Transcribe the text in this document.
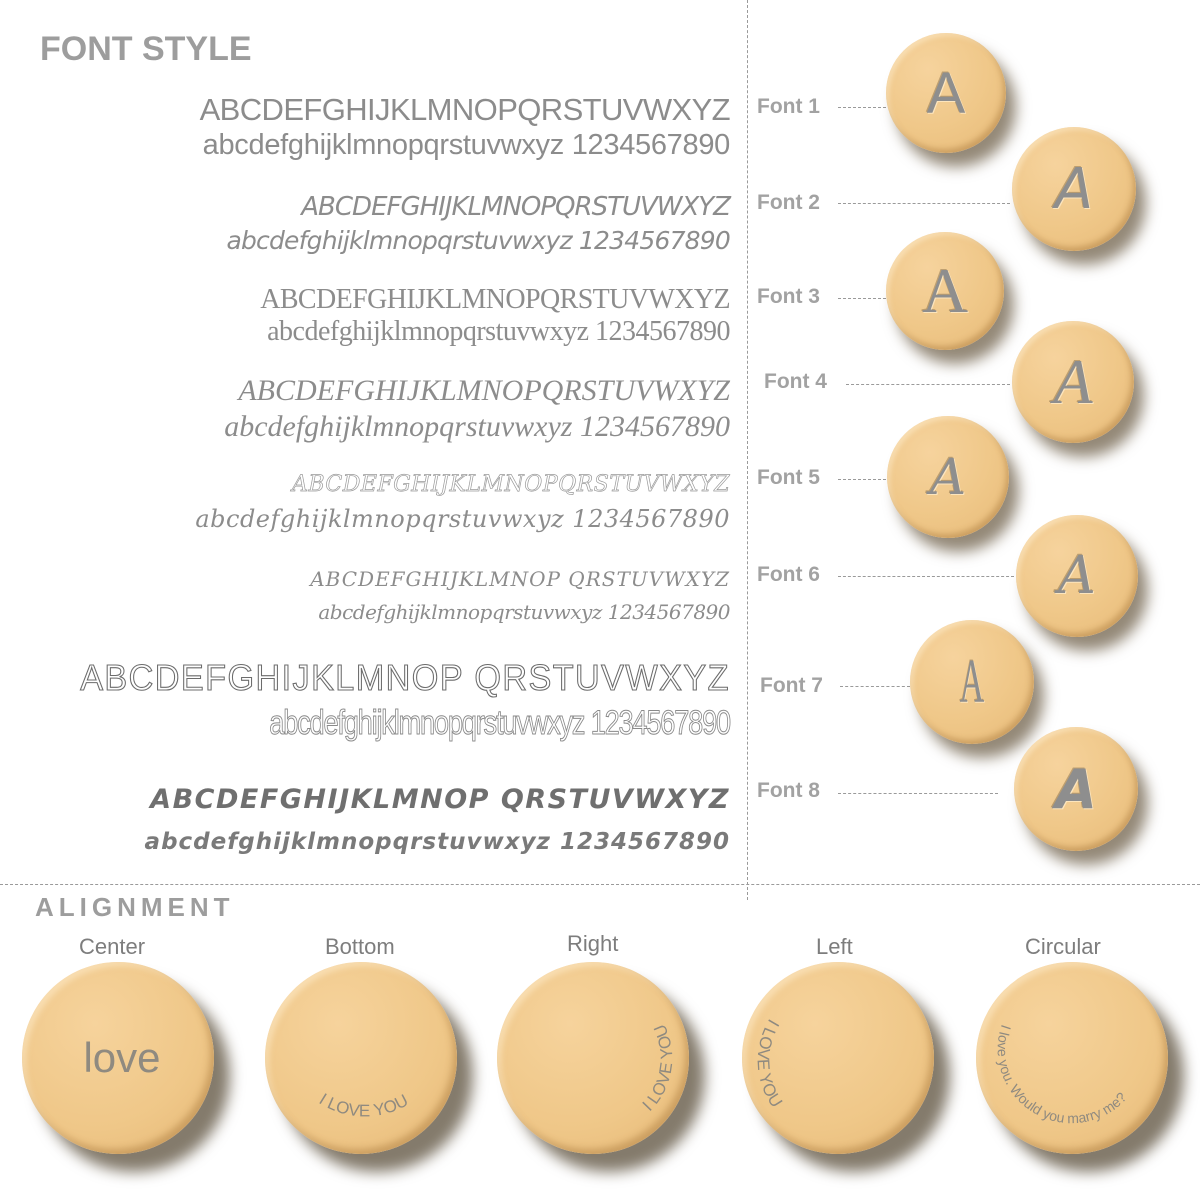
FONT STYLE
ABCDEFGHIJKLMNOPQRSTUVWXYZ
abcdefghijklmnopqrstuvwxyz 1234567890
ABCDEFGHIJKLMNOPQRSTUVWXYZ
abcdefghijklmnopqrstuvwxyz 1234567890
ABCDEFGHIJKLMNOPQRSTUVWXYZ
abcdefghijklmnopqrstuvwxyz 1234567890
ABCDEFGHIJKLMNOPQRSTUVWXYZ
abcdefghijklmnopqrstuvwxyz 1234567890
ABCDEFGHIJKLMNOPQRSTUVWXYZ
abcdefghijklmnopqrstuvwxyz 1234567890
ABCDEFGHIJKLMNOP QRSTUVWXYZ
abcdefghijklmnopqrstuvwxyz 1234567890
ABCDEFGHIJKLMNOP QRSTUVWXYZ
abcdefghijklmnopqrstuvwxyz 1234567890
ABCDEFGHIJKLMNOP QRSTUVWXYZ
abcdefghijklmnopqrstuvwxyz 1234567890
Font 1
Font 2
Font 3
Font 4
Font 5
Font 6
Font 7
Font 8
A
A
A
A
A
A
A
A
ALIGNMENT
Center	Bottom	Right	Left	Circular
love
I LOVE YOU	I LOVE YOU	I LOVE YOU
I love you. Would you marry me?
